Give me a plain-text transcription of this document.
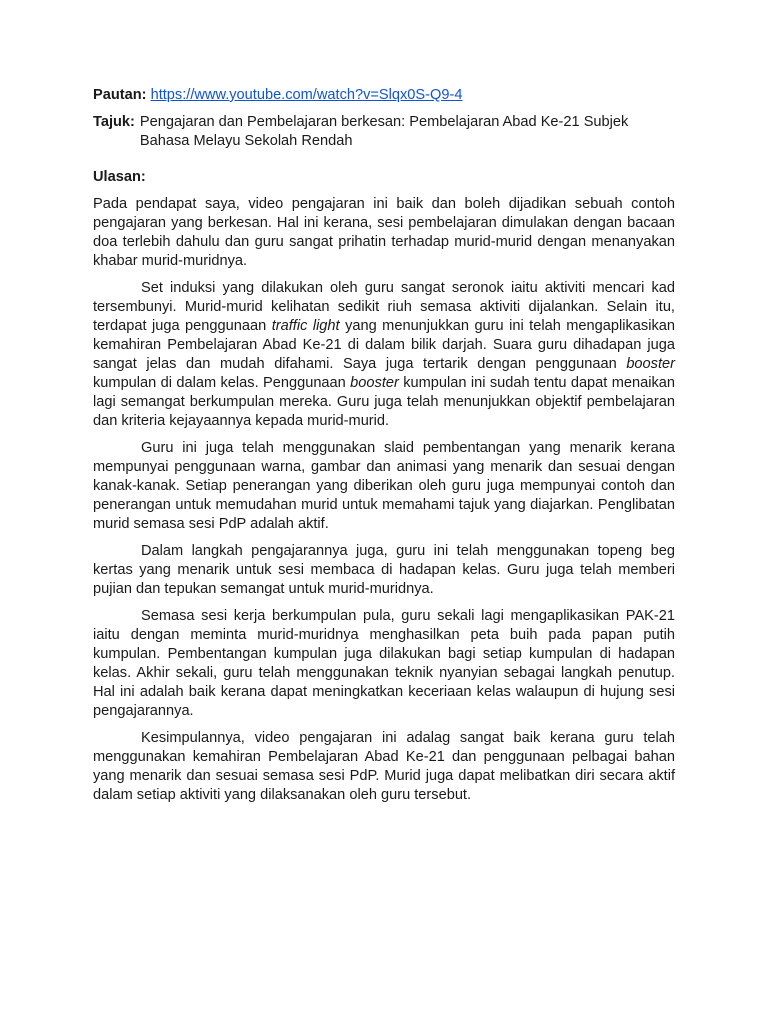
Pautan: https://www.youtube.com/watch?v=Slqx0S-Q9-4
Tajuk: Pengajaran dan Pembelajaran berkesan: Pembelajaran Abad Ke-21 Subjek Bahasa Melayu Sekolah Rendah
Ulasan:

Pada pendapat saya, video pengajaran ini baik dan boleh dijadikan sebuah contoh pengajaran yang berkesan. Hal ini kerana, sesi pembelajaran dimulakan dengan bacaan doa terlebih dahulu dan guru sangat prihatin terhadap murid-murid dengan menanyakan khabar murid-muridnya.

Set induksi yang dilakukan oleh guru sangat seronok iaitu aktiviti mencari kad tersembunyi. Murid-murid kelihatan sedikit riuh semasa aktiviti dijalankan. Selain itu, terdapat juga penggunaan traffic light yang menunjukkan guru ini telah mengaplikasikan kemahiran Pembelajaran Abad Ke-21 di dalam bilik darjah. Suara guru dihadapan juga sangat jelas dan mudah difahami. Saya juga tertarik dengan penggunaan booster kumpulan di dalam kelas. Penggunaan booster kumpulan ini sudah tentu dapat menaikan lagi semangat berkumpulan mereka. Guru juga telah menunjukkan objektif pembelajaran dan kriteria kejayaannya kepada murid-murid.

Guru ini juga telah menggunakan slaid pembentangan yang menarik kerana mempunyai penggunaan warna, gambar dan animasi yang menarik dan sesuai dengan kanak-kanak. Setiap penerangan yang diberikan oleh guru juga mempunyai contoh dan penerangan untuk memudahan murid untuk memahami tajuk yang diajarkan. Penglibatan murid semasa sesi PdP adalah aktif.

Dalam langkah pengajarannya juga, guru ini telah menggunakan topeng beg kertas yang menarik untuk sesi membaca di hadapan kelas. Guru juga telah memberi pujian dan tepukan semangat untuk murid-muridnya.

Semasa sesi kerja berkumpulan pula, guru sekali lagi mengaplikasikan PAK-21 iaitu dengan meminta murid-muridnya menghasilkan peta buih pada papan putih kumpulan. Pembentangan kumpulan juga dilakukan bagi setiap kumpulan di hadapan kelas. Akhir sekali, guru telah menggunakan teknik nyanyian sebagai langkah penutup. Hal ini adalah baik kerana dapat meningkatkan keceriaan kelas walaupun di hujung sesi pengajarannya.

Kesimpulannya, video pengajaran ini adalag sangat baik kerana guru telah menggunakan kemahiran Pembelajaran Abad Ke-21 dan penggunaan pelbagai bahan yang menarik dan sesuai semasa sesi PdP. Murid juga dapat melibatkan diri secara aktif dalam setiap aktiviti yang dilaksanakan oleh guru tersebut.
